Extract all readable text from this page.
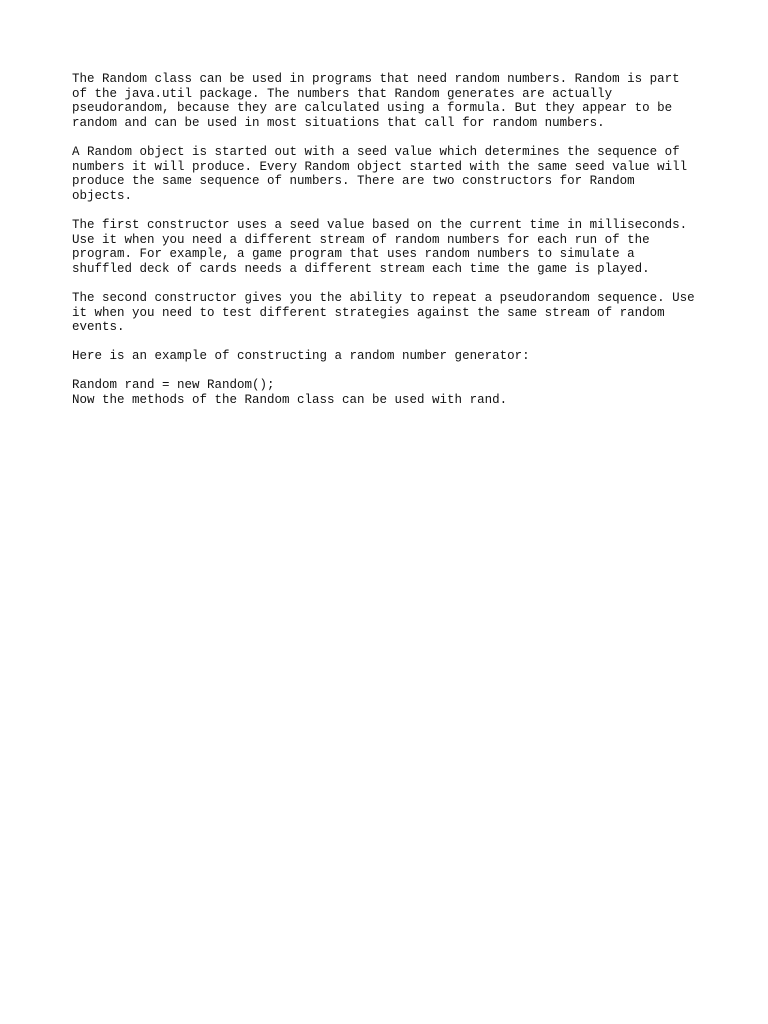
The Random class can be used in programs that need random numbers. Random is part
of the java.util package. The numbers that Random generates are actually
pseudorandom, because they are calculated using a formula. But they appear to be
random and can be used in most situations that call for random numbers.

A Random object is started out with a seed value which determines the sequence of
numbers it will produce. Every Random object started with the same seed value will
produce the same sequence of numbers. There are two constructors for Random
objects.

The first constructor uses a seed value based on the current time in milliseconds.
Use it when you need a different stream of random numbers for each run of the
program. For example, a game program that uses random numbers to simulate a
shuffled deck of cards needs a different stream each time the game is played.

The second constructor gives you the ability to repeat a pseudorandom sequence. Use
it when you need to test different strategies against the same stream of random
events.

Here is an example of constructing a random number generator:

Random rand = new Random();

Now the methods of the Random class can be used with rand.
